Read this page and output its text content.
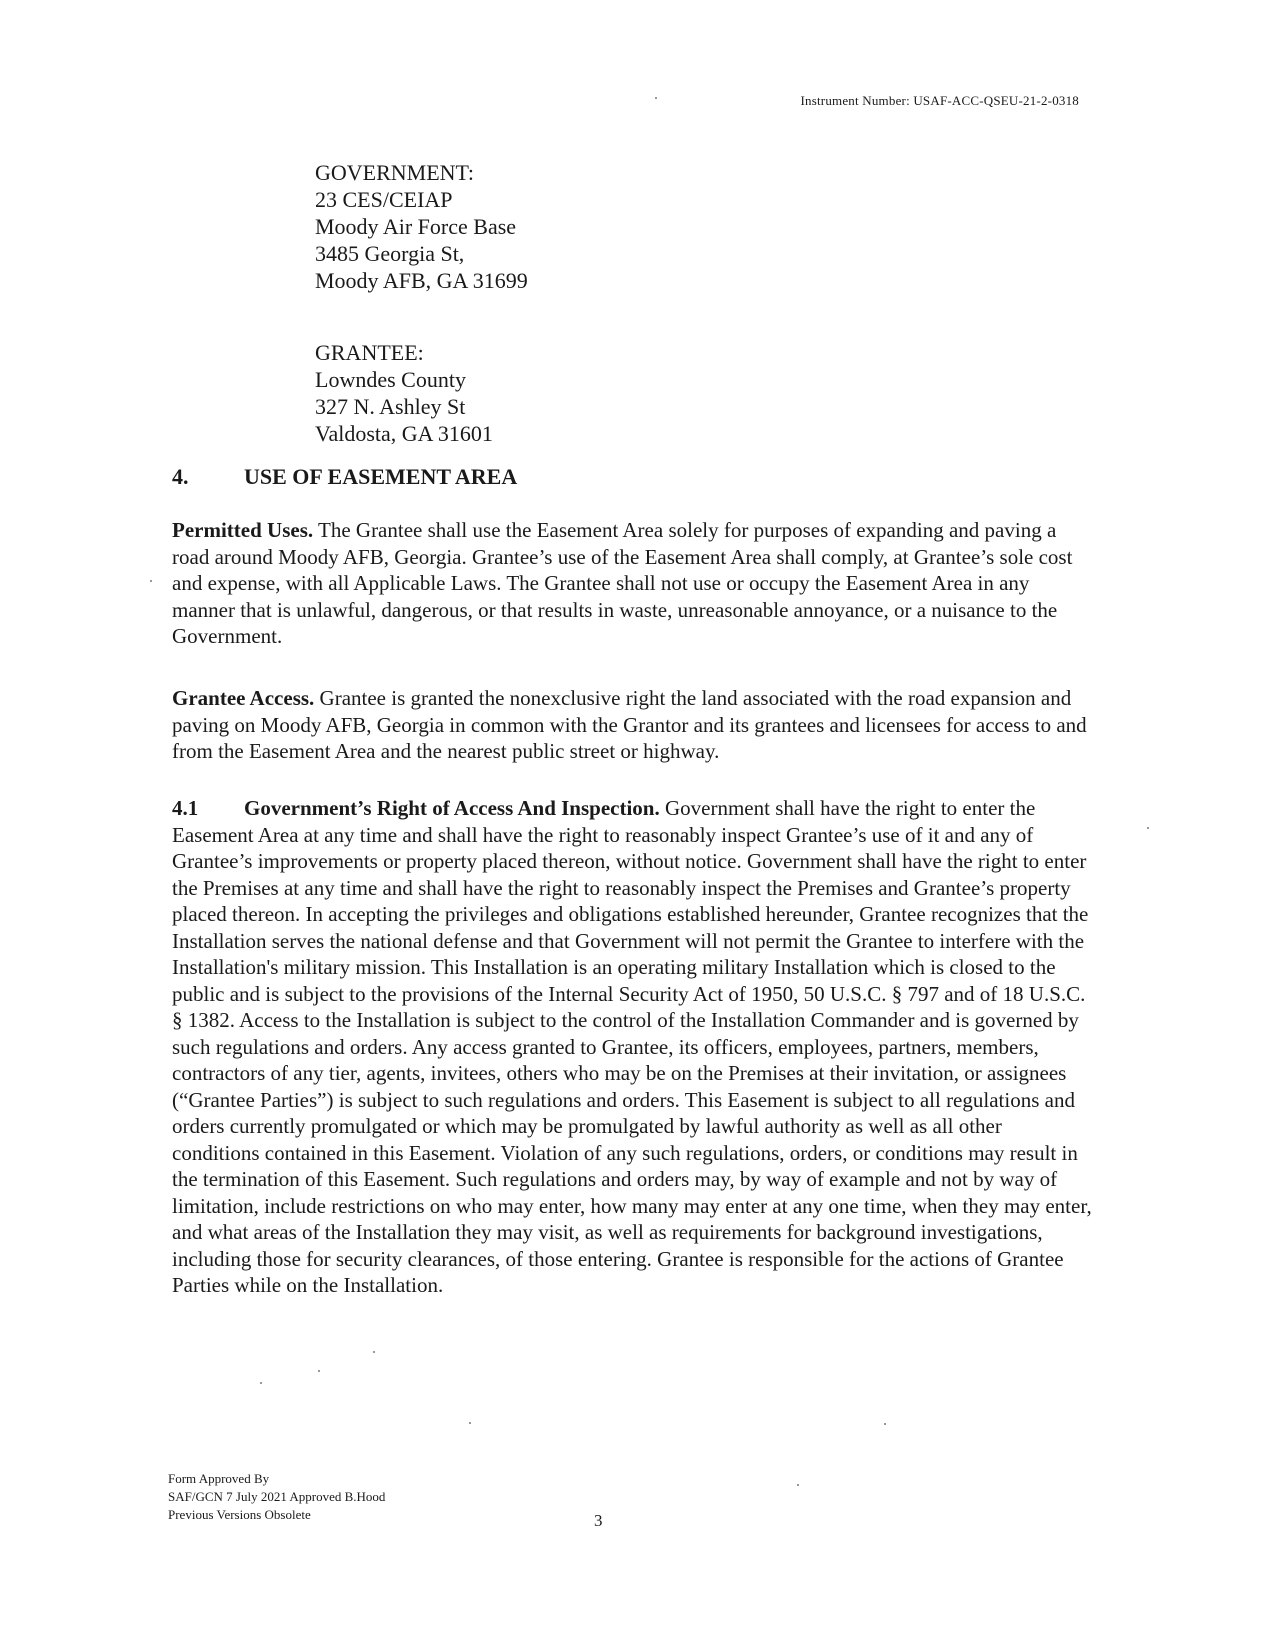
Instrument Number: USAF-ACC-QSEU-21-2-0318
GOVERNMENT:
23 CES/CEIAP
Moody Air Force Base
3485 Georgia St,
Moody AFB, GA 31699
GRANTEE:
Lowndes County
327 N. Ashley St
Valdosta, GA 31601
4.	USE OF EASEMENT AREA
Permitted Uses. The Grantee shall use the Easement Area solely for purposes of expanding and paving a road around Moody AFB, Georgia. Grantee’s use of the Easement Area shall comply, at Grantee’s sole cost and expense, with all Applicable Laws. The Grantee shall not use or occupy the Easement Area in any manner that is unlawful, dangerous, or that results in waste, unreasonable annoyance, or a nuisance to the Government.
Grantee Access. Grantee is granted the nonexclusive right the land associated with the road expansion and paving on Moody AFB, Georgia in common with the Grantor and its grantees and licensees for access to and from the Easement Area and the nearest public street or highway.
4.1 Government’s Right of Access And Inspection. Government shall have the right to enter the Easement Area at any time and shall have the right to reasonably inspect Grantee’s use of it and any of Grantee’s improvements or property placed thereon, without notice. Government shall have the right to enter the Premises at any time and shall have the right to reasonably inspect the Premises and Grantee’s property placed thereon. In accepting the privileges and obligations established hereunder, Grantee recognizes that the Installation serves the national defense and that Government will not permit the Grantee to interfere with the Installation's military mission. This Installation is an operating military Installation which is closed to the public and is subject to the provisions of the Internal Security Act of 1950, 50 U.S.C. § 797 and of 18 U.S.C. § 1382. Access to the Installation is subject to the control of the Installation Commander and is governed by such regulations and orders. Any access granted to Grantee, its officers, employees, partners, members, contractors of any tier, agents, invitees, others who may be on the Premises at their invitation, or assignees (“Grantee Parties”) is subject to such regulations and orders. This Easement is subject to all regulations and orders currently promulgated or which may be promulgated by lawful authority as well as all other conditions contained in this Easement. Violation of any such regulations, orders, or conditions may result in the termination of this Easement. Such regulations and orders may, by way of example and not by way of limitation, include restrictions on who may enter, how many may enter at any one time, when they may enter, and what areas of the Installation they may visit, as well as requirements for background investigations, including those for security clearances, of those entering. Grantee is responsible for the actions of Grantee Parties while on the Installation.
Form Approved By
SAF/GCN 7 July 2021 Approved B.Hood
Previous Versions Obsolete	3
